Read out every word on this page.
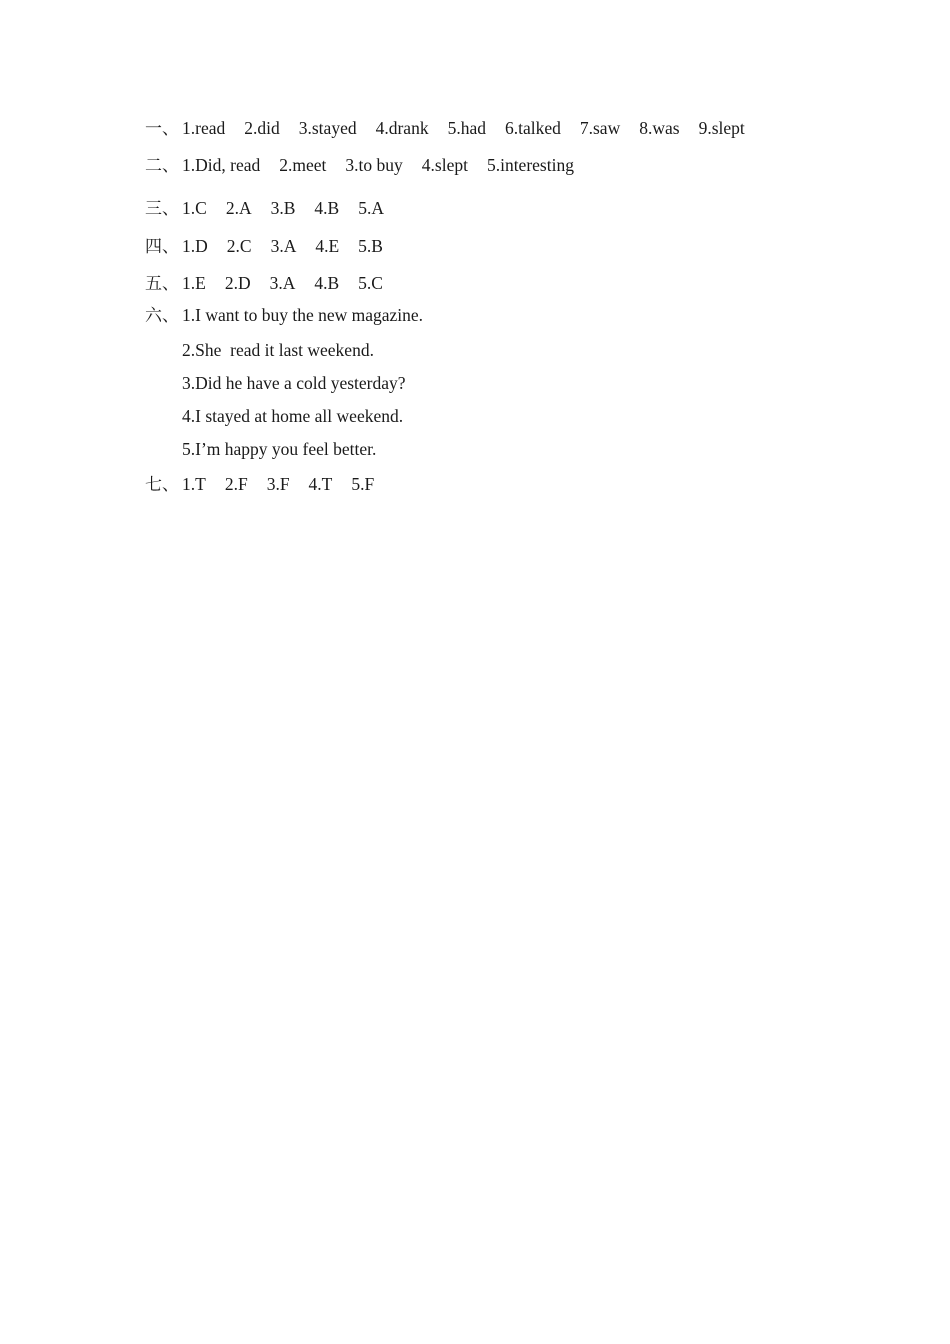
一、 1.read 2.did 3.stayed 4.drank 5.had 6.talked 7.saw 8.was 9.slept
二、 1.Did, read 2.meet 3.to buy 4.slept 5.interesting
三、 1.C 2.A 3.B 4.B 5.A
四、 1.D 2.C 3.A 4.E 5.B
五、 1.E 2.D 3.A 4.B 5.C
六、 1.I want to buy the new magazine.
2.She  read it last weekend.
3.Did he have a cold yesterday?
4.I stayed at home all weekend.
5.I’m happy you feel better.
七、 1.T 2.F 3.F 4.T 5.F
